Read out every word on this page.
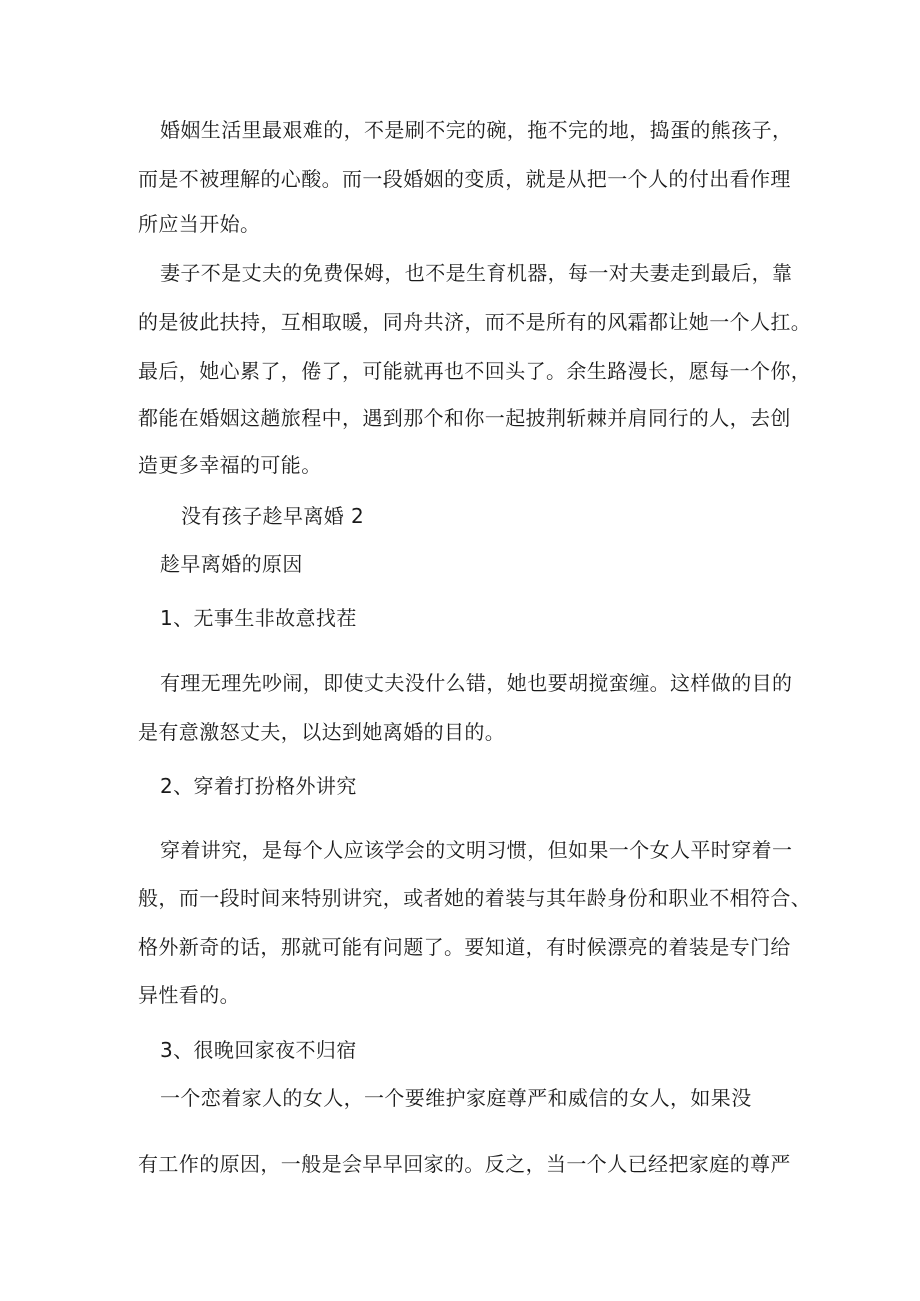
婚姻生活里最艰难的，不是刷不完的碗，拖不完的地，捣蛋的熊孩子，
而是不被理解的心酸。而一段婚姻的变质，就是从把一个人的付出看作理
所应当开始。
妻子不是丈夫的免费保姆，也不是生育机器，每一对夫妻走到最后，靠
的是彼此扶持，互相取暖，同舟共济，而不是所有的风霜都让她一个人扛。
最后，她心累了，倦了，可能就再也不回头了。余生路漫长，愿每一个你，
都能在婚姻这趟旅程中，遇到那个和你一起披荆斩棘并肩同行的人，去创
造更多幸福的可能。
没有孩子趁早离婚 2
趁早离婚的原因
1、无事生非故意找茬
有理无理先吵闹，即使丈夫没什么错，她也要胡搅蛮缠。这样做的目的
是有意激怒丈夫，以达到她离婚的目的。
2、穿着打扮格外讲究
穿着讲究，是每个人应该学会的文明习惯，但如果一个女人平时穿着一
般，而一段时间来特别讲究，或者她的着装与其年龄身份和职业不相符合、
格外新奇的话，那就可能有问题了。要知道，有时候漂亮的着装是专门给
异性看的。
3、很晚回家夜不归宿
一个恋着家人的女人，一个要维护家庭尊严和威信的女人，如果没
有工作的原因，一般是会早早回家的。反之，当一个人已经把家庭的尊严
